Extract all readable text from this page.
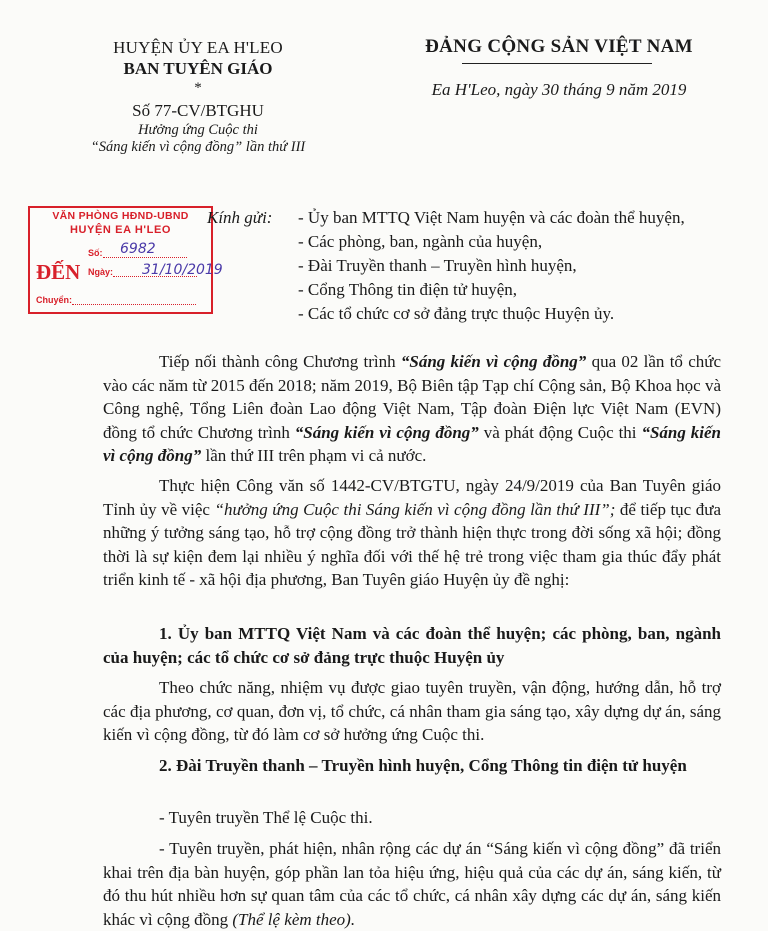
HUYỆN ỦY EA H'LEO
BAN TUYÊN GIÁO
*
Số 77-CV/BTGHU
Hưởng ứng Cuộc thi
“Sáng kiến vì cộng đồng” lần thứ III
ĐẢNG CỘNG SẢN VIỆT NAM
Ea H'Leo, ngày 30 tháng 9 năm 2019
VĂN PHÒNG HĐND-UBND
HUYỆN EA H'LEO
ĐẾN
Số:
Ngày:
Chuyển:
6982
31/10/2019
Kính gửi: - Ủy ban MTTQ Việt Nam huyện và các đoàn thể huyện,
- Các phòng, ban, ngành của huyện,
- Đài Truyền thanh – Truyền hình huyện,
- Cổng Thông tin điện tử huyện,
- Các tổ chức cơ sở đảng trực thuộc Huyện ủy.
Tiếp nối thành công Chương trình “Sáng kiến vì cộng đồng” qua 02 lần tổ chức vào các năm từ 2015 đến 2018; năm 2019, Bộ Biên tập Tạp chí Cộng sản, Bộ Khoa học và Công nghệ, Tổng Liên đoàn Lao động Việt Nam, Tập đoàn Điện lực Việt Nam (EVN) đồng tổ chức Chương trình “Sáng kiến vì cộng đồng” và phát động Cuộc thi “Sáng kiến vì cộng đồng” lần thứ III trên phạm vi cả nước.
Thực hiện Công văn số 1442-CV/BTGTU, ngày 24/9/2019 của Ban Tuyên giáo Tỉnh ủy về việc “hưởng ứng Cuộc thi Sáng kiến vì cộng đồng lần thứ III”; để tiếp tục đưa những ý tưởng sáng tạo, hỗ trợ cộng đồng trở thành hiện thực trong đời sống xã hội; đồng thời là sự kiện đem lại nhiều ý nghĩa đối với thế hệ trẻ trong việc tham gia thúc đẩy phát triển kinh tế - xã hội địa phương, Ban Tuyên giáo Huyện ủy đề nghị:
1. Ủy ban MTTQ Việt Nam và các đoàn thể huyện; các phòng, ban, ngành của huyện; các tổ chức cơ sở đảng trực thuộc Huyện ủy
Theo chức năng, nhiệm vụ được giao tuyên truyền, vận động, hướng dẫn, hỗ trợ các địa phương, cơ quan, đơn vị, tổ chức, cá nhân tham gia sáng tạo, xây dựng dự án, sáng kiến vì cộng đồng, từ đó làm cơ sở hưởng ứng Cuộc thi.
2. Đài Truyền thanh – Truyền hình huyện, Cổng Thông tin điện tử huyện
- Tuyên truyền Thể lệ Cuộc thi.
- Tuyên truyền, phát hiện, nhân rộng các dự án “Sáng kiến vì cộng đồng” đã triển khai trên địa bàn huyện, góp phần lan tỏa hiệu ứng, hiệu quả của các dự án, sáng kiến, từ đó thu hút nhiều hơn sự quan tâm của các tổ chức, cá nhân xây dựng các dự án, sáng kiến khác vì cộng đồng (Thể lệ kèm theo).
